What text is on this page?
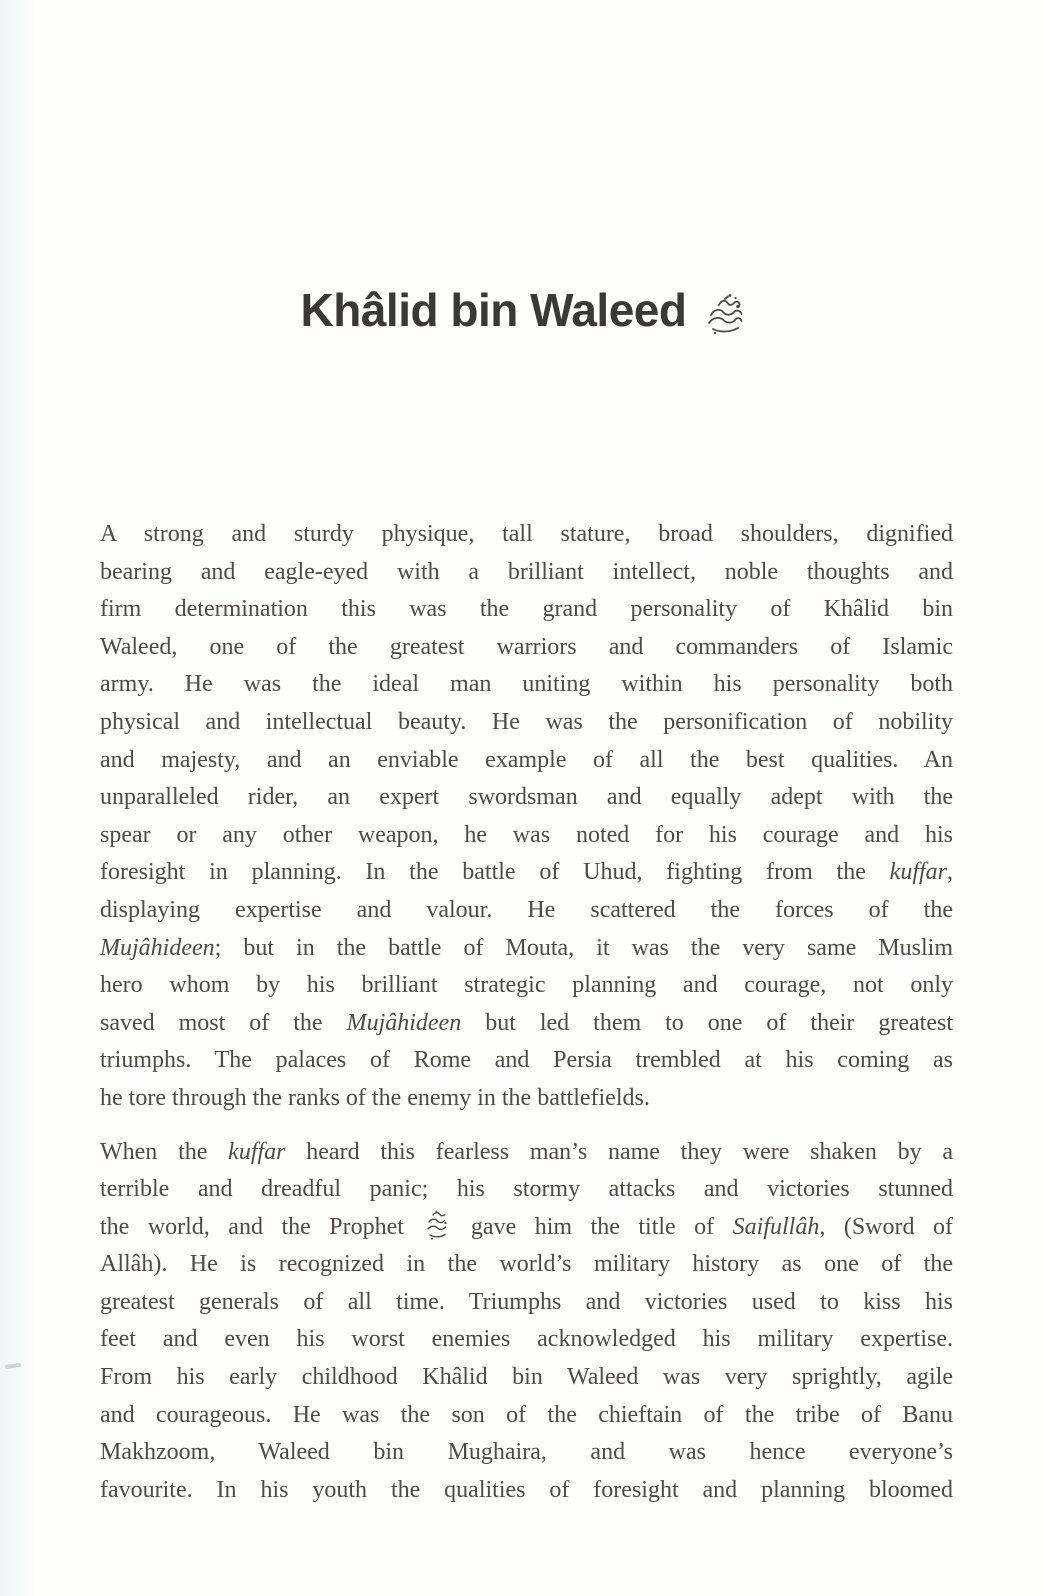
Khâlid bin Waleed
A strong and sturdy physique, tall stature, broad shoulders, dignified
bearing and eagle-eyed with a brilliant intellect, noble thoughts and
firm determination this was the grand personality of Khâlid bin
Waleed, one of the greatest warriors and commanders of Islamic
army. He was the ideal man uniting within his personality both
physical and intellectual beauty. He was the personification of nobility
and majesty, and an enviable example of all the best qualities. An
unparalleled rider, an expert swordsman and equally adept with the
spear or any other weapon, he was noted for his courage and his
foresight in planning. In the battle of Uhud, fighting from the kuffar,
displaying expertise and valour. He scattered the forces of the
Mujâhideen; but in the battle of Mouta, it was the very same Muslim
hero whom by his brilliant strategic planning and courage, not only
saved most of the Mujâhideen but led them to one of their greatest
triumphs. The palaces of Rome and Persia trembled at his coming as
he tore through the ranks of the enemy in the battlefields.
When the kuffar heard this fearless man’s name they were shaken by a
terrible and dreadful panic; his stormy attacks and victories stunned
the world, and the Prophet
gave him the title of Saifullâh, (Sword of
Allâh). He is recognized in the world’s military history as one of the
greatest generals of all time. Triumphs and victories used to kiss his
feet and even his worst enemies acknowledged his military expertise.
From his early childhood Khâlid bin Waleed was very sprightly, agile
and courageous. He was the son of the chieftain of the tribe of Banu
Makhzoom, Waleed bin Mughaira, and was hence everyone’s
favourite. In his youth the qualities of foresight and planning bloomed
